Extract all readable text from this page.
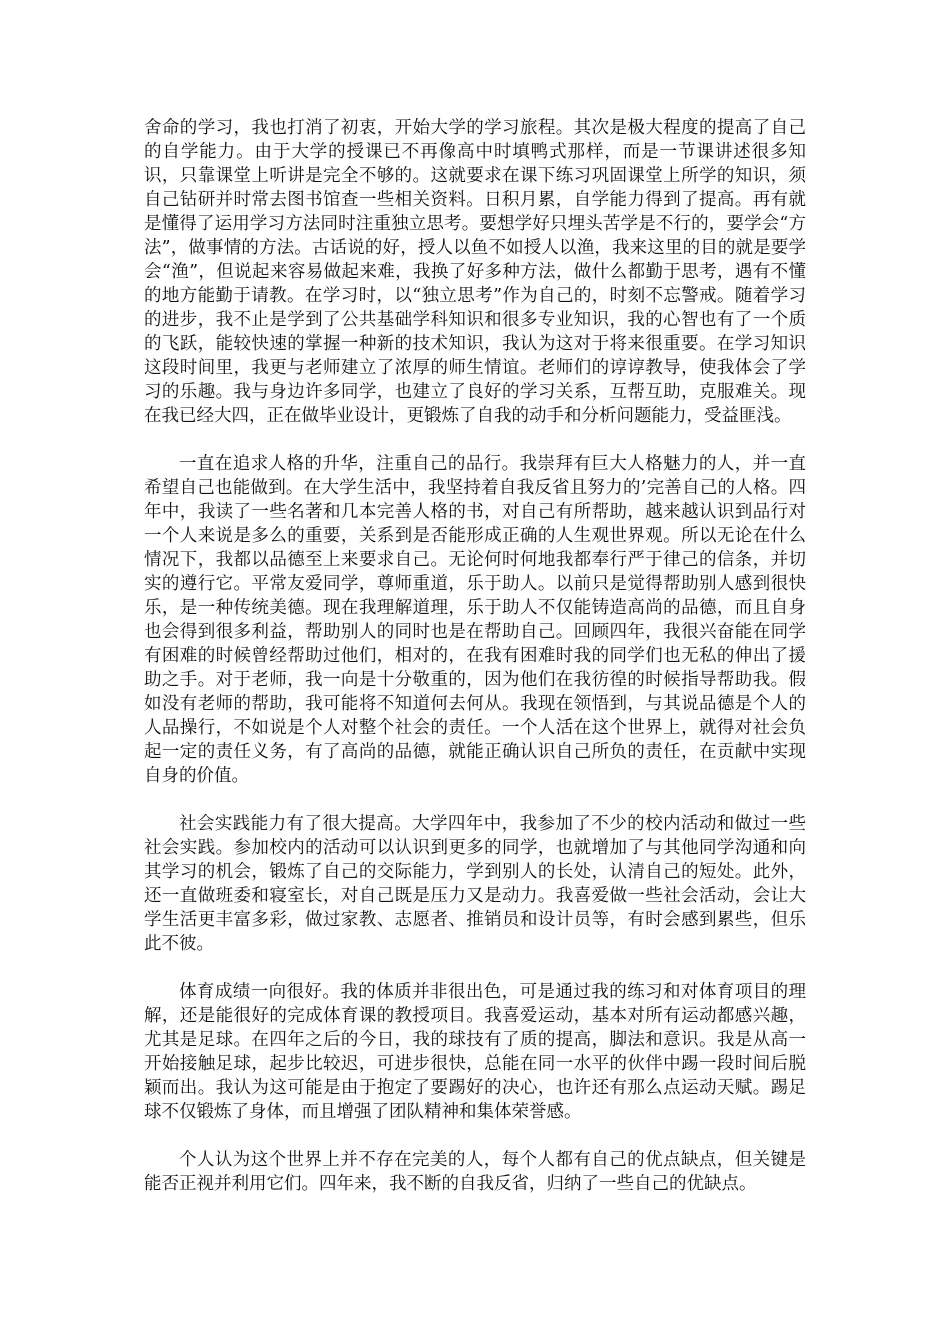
舍命的学习，我也打消了初衷，开始大学的学习旅程。其次是极大程度的提高了自己的自学能力。由于大学的授课已不再像高中时填鸭式那样，而是一节课讲述很多知识，只靠课堂上听讲是完全不够的。这就要求在课下练习巩固课堂上所学的知识，须自己钻研并时常去图书馆查一些相关资料。日积月累，自学能力得到了提高。再有就是懂得了运用学习方法同时注重独立思考。要想学好只埋头苦学是不行的，要学会“方法”，做事情的方法。古话说的好，授人以鱼不如授人以渔，我来这里的目的就是要学会“渔”，但说起来容易做起来难，我换了好多种方法，做什么都勤于思考，遇有不懂的地方能勤于请教。在学习时，以“独立思考”作为自己的，时刻不忘警戒。随着学习的进步，我不止是学到了公共基础学科知识和很多专业知识，我的心智也有了一个质的飞跃，能较快速的掌握一种新的技术知识，我认为这对于将来很重要。在学习知识这段时间里，我更与老师建立了浓厚的师生情谊。老师们的谆谆教导，使我体会了学习的乐趣。我与身边许多同学，也建立了良好的学习关系，互帮互助，克服难关。现在我已经大四，正在做毕业设计，更锻炼了自我的动手和分析问题能力，受益匪浅。

一直在追求人格的升华，注重自己的品行。我崇拜有巨大人格魅力的人，并一直希望自己也能做到。在大学生活中，我坚持着自我反省且努力的’完善自己的人格。四年中，我读了一些名著和几本完善人格的书，对自己有所帮助，越来越认识到品行对一个人来说是多么的重要，关系到是否能形成正确的人生观世界观。所以无论在什么情况下，我都以品德至上来要求自己。无论何时何地我都奉行严于律己的信条，并切实的遵行它。平常友爱同学，尊师重道，乐于助人。以前只是觉得帮助别人感到很快乐，是一种传统美德。现在我理解道理，乐于助人不仅能铸造高尚的品德，而且自身也会得到很多利益，帮助别人的同时也是在帮助自己。回顾四年，我很兴奋能在同学有困难的时候曾经帮助过他们，相对的，在我有困难时我的同学们也无私的伸出了援助之手。对于老师，我一向是十分敬重的，因为他们在我彷徨的时候指导帮助我。假如没有老师的帮助，我可能将不知道何去何从。我现在领悟到，与其说品德是个人的人品操行，不如说是个人对整个社会的责任。一个人活在这个世界上，就得对社会负起一定的责任义务，有了高尚的品德，就能正确认识自己所负的责任，在贡献中实现自身的价值。

社会实践能力有了很大提高。大学四年中，我参加了不少的校内活动和做过一些社会实践。参加校内的活动可以认识到更多的同学，也就增加了与其他同学沟通和向其学习的机会，锻炼了自己的交际能力，学到别人的长处，认清自己的短处。此外，还一直做班委和寝室长，对自己既是压力又是动力。我喜爱做一些社会活动，会让大学生活更丰富多彩，做过家教、志愿者、推销员和设计员等，有时会感到累些，但乐此不彼。

体育成绩一向很好。我的体质并非很出色，可是通过我的练习和对体育项目的理解，还是能很好的完成体育课的教授项目。我喜爱运动，基本对所有运动都感兴趣，尤其是足球。在四年之后的今日，我的球技有了质的提高，脚法和意识。我是从高一开始接触足球，起步比较迟，可进步很快，总能在同一水平的伙伴中踢一段时间后脱颖而出。我认为这可能是由于抱定了要踢好的决心，也许还有那么点运动天赋。踢足球不仅锻炼了身体，而且增强了团队精神和集体荣誉感。

个人认为这个世界上并不存在完美的人，每个人都有自己的优点缺点，但关键是能否正视并利用它们。四年来，我不断的自我反省，归纳了一些自己的优缺点。
